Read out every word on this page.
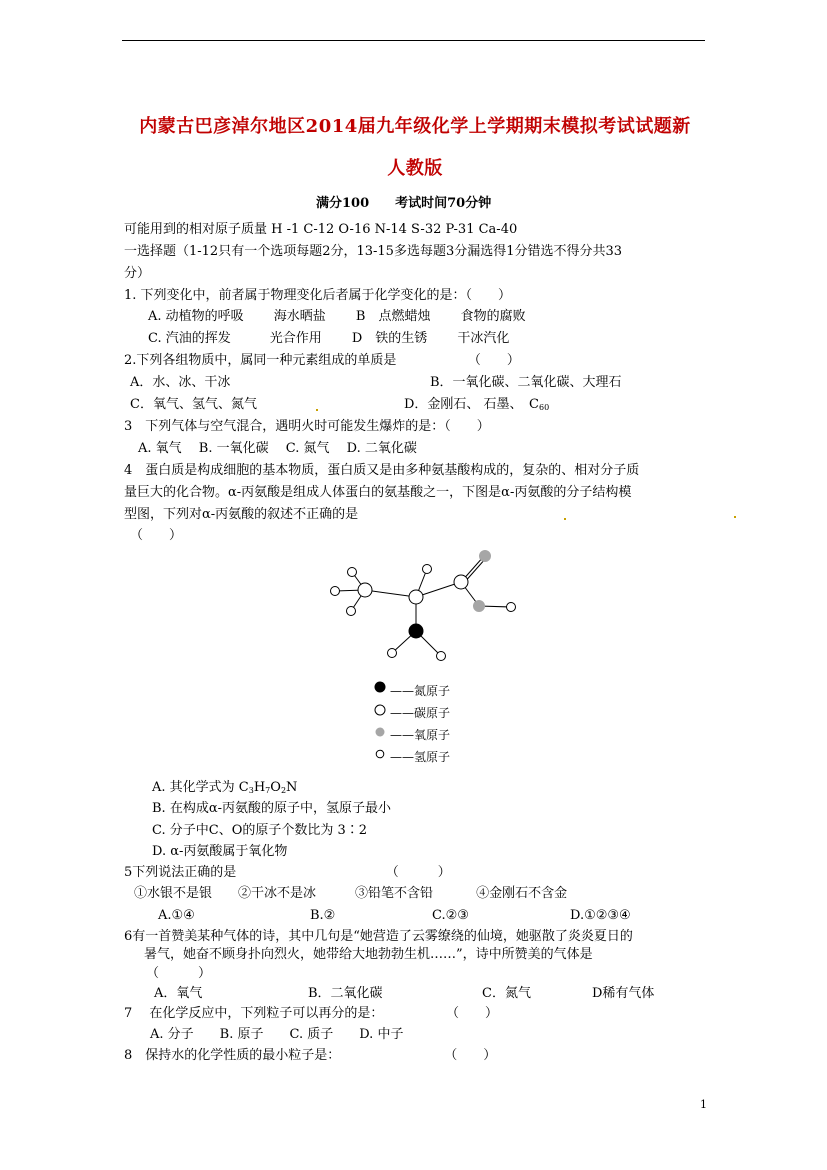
内蒙古巴彦淖尔地区2014届九年级化学上学期期末模拟考试试题新
人教版
满分100　　考试时间70分钟
可能用到的相对原子质量 H -1 C-12 O-16 N-14 S-32 P-31 Ca-40
一选择题（1-12只有一个选项每题2分，13-15多选每题3分漏选得1分错选不得分共33
分）
1. 下列变化中，前者属于物理变化后者属于化学变化的是：（　　）
A. 动植物的呼吸　　 海水晒盐　　 B　点燃蜡烛　　 食物的腐败
C. 汽油的挥发　　　光合作用　　 D　铁的生锈　　 干冰汽化
2.下列各组物质中，属同一种元素组成的单质是　　　　　　（　　）
A．水、冰、干冰	B．一氧化碳、二氧化碳、大理石
C．氧气、氢气、氮气	D．金刚石、 石墨、　$C_{60}$
3　下列气体与空气混合，遇明火时可能发生爆炸的是：（　　）
A. 氧气　 B. 一氧化碳　 C. 氮气　 D. 二氧化碳
4　蛋白质是构成细胞的基本物质，蛋白质又是由多种氨基酸构成的，复杂的、相对分子质
量巨大的化合物。α-丙氨酸是组成人体蛋白的氨基酸之一，下图是α-丙氨酸的分子结构模
型图，下列对α-丙氨酸的叙述不正确的是
（　　）
——氮原子
——碳原子
——氧原子
——氢原子
A. 其化学式为 $C_3H_7O_2N$
B. 在构成α-丙氨酸的原子中，氢原子最小
C. 分子中C、O的原子个数比为 3∶2
D. α-丙氨酸属于氧化物
5下列说法正确的是　　　　　　　　　　　　（　　　）
①水银不是银　　②干冰不是冰　　　③铅笔不含铅　　　 ④金刚石不含金
A.①④	B.②	C.②③	D.①②③④
6有一首赞美某种气体的诗，其中几句是“她营造了云雾缭绕的仙境，她驱散了炎炎夏日的
暑气，她奋不顾身扑向烈火，她带给大地勃勃生机……”，诗中所赞美的气体是
（　　　）
A．氧气	B．二氧化碳	C．氮气	D稀有气体
7　 在化学反应中，下列粒子可以再分的是：　　　　　 （　　）
A. 分子　　B. 原子　　C. 质子　　D. 中子
8　保持水的化学性质的最小粒子是：　　　　　　　　　（　　）
1
